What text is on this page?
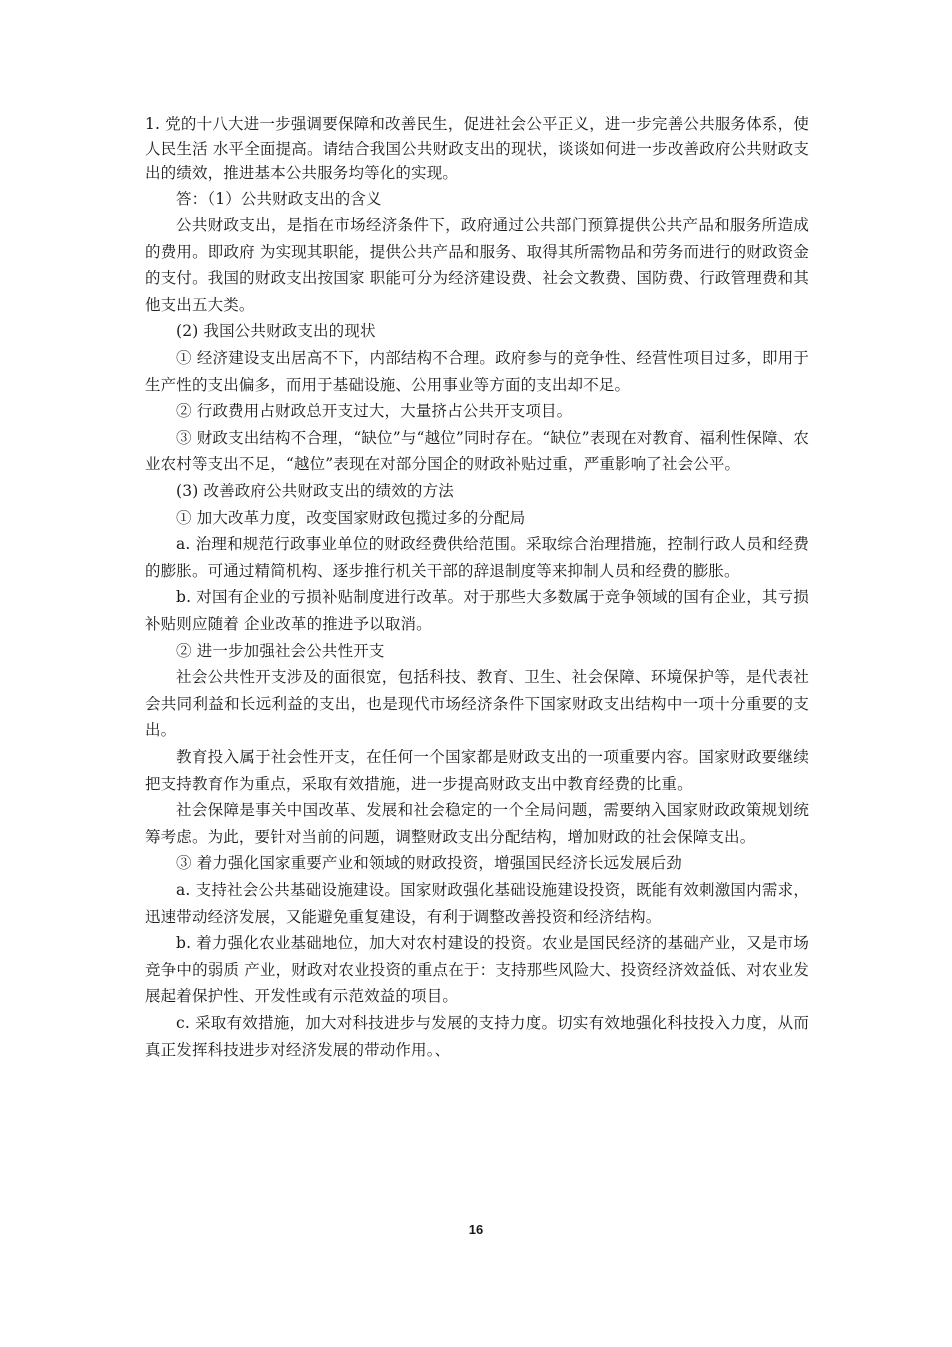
1. 党的十八大进一步强调要保障和改善民生，促进社会公平正义，进一步完善公共服务体系，使人民生活 水平全面提高。请结合我国公共财政支出的现状，谈谈如何进一步改善政府公共财政支出的绩效，推进基本公共服务均等化的实现。

答：（1）公共财政支出的含义

公共财政支出，是指在市场经济条件下，政府通过公共部门预算提供公共产品和服务所造成的费用。即政府 为实现其职能，提供公共产品和服务、取得其所需物品和劳务而进行的财政资金的支付。我国的财政支出按国家 职能可分为经济建设费、社会文教费、国防费、行政管理费和其他支出五大类。

(2) 我国公共财政支出的现状

① 经济建设支出居高不下，内部结构不合理。政府参与的竞争性、经营性项目过多，即用于生产性的支出偏多，而用于基础设施、公用事业等方面的支出却不足。

② 行政费用占财政总开支过大，大量挤占公共开支项目。

③ 财政支出结构不合理，“缺位”与“越位”同时存在。“缺位”表现在对教育、福利性保障、农业农村等支出不足，“越位”表现在对部分国企的财政补贴过重，严重影响了社会公平。

(3) 改善政府公共财政支出的绩效的方法

① 加大改革力度，改变国家财政包揽过多的分配局

a. 治理和规范行政事业单位的财政经费供给范围。采取综合治理措施，控制行政人员和经费的膨胀。可通过精简机构、逐步推行机关干部的辞退制度等来抑制人员和经费的膨胀。

b. 对国有企业的亏损补贴制度进行改革。对于那些大多数属于竞争领域的国有企业，其亏损补贴则应随着 企业改革的推进予以取消。

② 进一步加强社会公共性开支

社会公共性开支涉及的面很宽，包括科技、教育、卫生、社会保障、环境保护等，是代表社会共同利益和长远利益的支出，也是现代市场经济条件下国家财政支出结构中一项十分重要的支出。

教育投入属于社会性开支，在任何一个国家都是财政支出的一项重要内容。国家财政要继续把支持教育作为重点，采取有效措施，进一步提高财政支出中教育经费的比重。

社会保障是事关中国改革、发展和社会稳定的一个全局问题，需要纳入国家财政政策规划统筹考虑。为此，要针对当前的问题，调整财政支出分配结构，增加财政的社会保障支出。

③ 着力强化国家重要产业和领域的财政投资，增强国民经济长远发展后劲

a. 支持社会公共基础设施建设。国家财政强化基础设施建设投资，既能有效刺激国内需求，迅速带动经济发展，又能避免重复建设，有利于调整改善投资和经济结构。

b. 着力强化农业基础地位，加大对农村建设的投资。农业是国民经济的基础产业，又是市场竞争中的弱质 产业，财政对农业投资的重点在于：支持那些风险大、投资经济效益低、对农业发展起着保护性、开发性或有示范效益的项目。

c. 采取有效措施，加大对科技进步与发展的支持力度。切实有效地强化科技投入力度，从而真正发挥科技进步对经济发展的带动作用。、

16
